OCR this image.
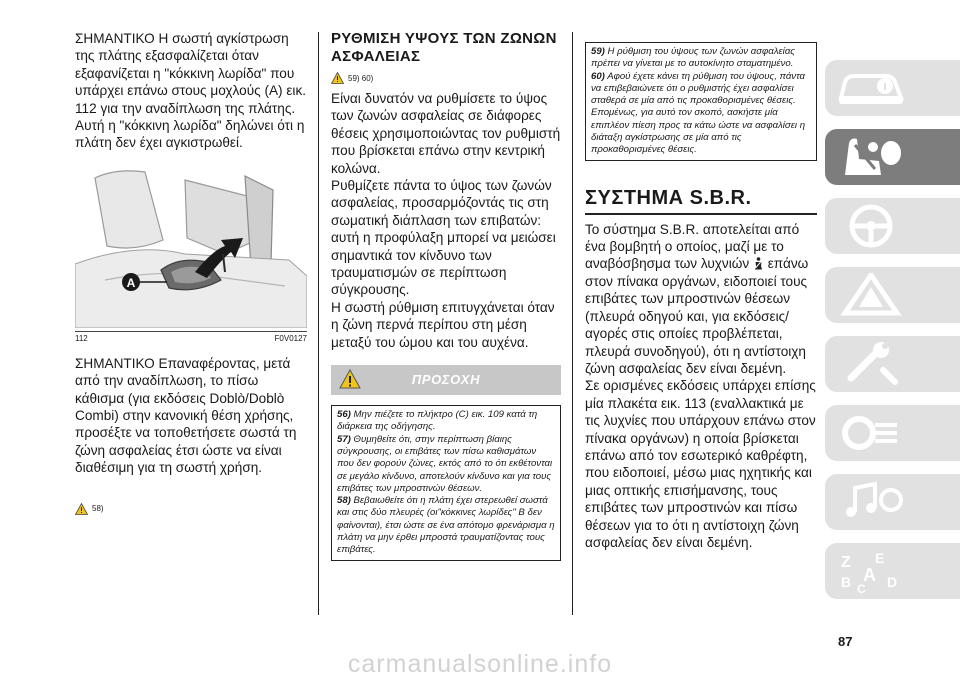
ΣΗΜΑΝΤΙΚΟ Η σωστή αγκίστρωση της πλάτης εξασφαλίζεται όταν εξαφανίζεται η "κόκκινη λωρίδα" που υπάρχει επάνω στους μοχλούς (A) εικ. 112 για την αναδίπλωση της πλάτης. Αυτή η "κόκκινη λωρίδα" δηλώνει ότι η πλάτη δεν έχει αγκιστρωθεί.

A
112	F0V0127

ΣΗΜΑΝΤΙΚΟ Επαναφέροντας, μετά από την αναδίπλωση, το πίσω κάθισμα (για εκδόσεις Doblò/Doblò Combi) στην κανονική θέση χρήσης, προσέξτε να τοποθετήσετε σωστά τη ζώνη ασφαλείας έτσι ώστε να είναι διαθέσιμη για τη σωστή χρήση.

58)

ΡΥΘΜΙΣΗ ΥΨΟΥΣ ΤΩΝ ΖΩΝΩΝ ΑΣΦΑΛΕΙΑΣ

59) 60)

Είναι δυνατόν να ρυθμίσετε το ύψος των ζωνών ασφαλείας σε διάφορες θέσεις χρησιμοποιώντας τον ρυθμιστή που βρίσκεται επάνω στην κεντρική κολώνα.

Ρυθμίζετε πάντα το ύψος των ζωνών ασφαλείας, προσαρμόζοντάς τις στη σωματική διάπλαση των επιβατών: αυτή η προφύλαξη μπορεί να μειώσει σημαντικά τον κίνδυνο των τραυματισμών σε περίπτωση σύγκρουσης.

Η σωστή ρύθμιση επιτυγχάνεται όταν η ζώνη περνά περίπου στη μέση μεταξύ του ώμου και του αυχένα.

ΠΡΟΣΟΧΗ

56) Μην πιέζετε το πλήκτρο (C) εικ. 109 κατά τη διάρκεια της οδήγησης.

57) Θυμηθείτε ότι, στην περίπτωση βίαιης σύγκρουσης, οι επιβάτες των πίσω καθισμάτων που δεν φορούν ζώνες, εκτός από το ότι εκθέτονται σε μεγάλο κίνδυνο, αποτελούν κίνδυνο και για τους επιβάτες των μπροστινών θέσεων.

58) Βεβαιωθείτε ότι η πλάτη έχει στερεωθεί σωστά και στις δύο πλευρές (οι"κόκκινες λωρίδες" Β δεν φαίνονται), έτσι ώστε σε ένα απότομο φρενάρισμα η πλάτη να μην έρθει μπροστά τραυματίζοντας τους επιβάτες.

59) Η ρύθμιση του ύψους των ζωνών ασφαλείας πρέπει να γίνεται με το αυτοκίνητο σταματημένο.

60) Αφού έχετε κάνει τη ρύθμιση του ύψους, πάντα να επιβεβαιώνετε ότι ο ρυθμιστής έχει ασφαλίσει σταθερά σε μία από τις προκαθορισμένες θέσεις. Επομένως, για αυτό τον σκοπό, ασκήστε μία επιπλέον πίεση προς τα κάτω ώστε να ασφαλίσει η διάταξη αγκίστρωσης σε μία από τις προκαθορισμένες θέσεις.

ΣΥΣΤΗΜΑ S.B.R.

Το σύστημα S.B.R. αποτελείται από ένα βομβητή ο οποίος, μαζί με το αναβόσβησμα των λυχνιών επάνω στον πίνακα οργάνων, ειδοποιεί τους επιβάτες των μπροστινών θέσεων (πλευρά οδηγού και, για εκδόσεις/αγορές στις οποίες προβλέπεται, πλευρά συνοδηγού), ότι η αντίστοιχη ζώνη ασφαλείας δεν είναι δεμένη.

Σε ορισμένες εκδόσεις υπάρχει επίσης μία πλακέτα εικ. 113 (εναλλακτικά με τις λυχνίες που υπάρχουν επάνω στον πίνακα οργάνων) η οποία βρίσκεται επάνω από τον εσωτερικό καθρέφτη, που ειδοποιεί, μέσω μιας ηχητικής και μιας οπτικής επισήμανσης, τους επιβάτες των μπροστινών και πίσω θέσεων για το ότι η αντίστοιχη ζώνη ασφαλείας δεν είναι δεμένη.

Z E
B A
C D
87
carmanualsonline.info
